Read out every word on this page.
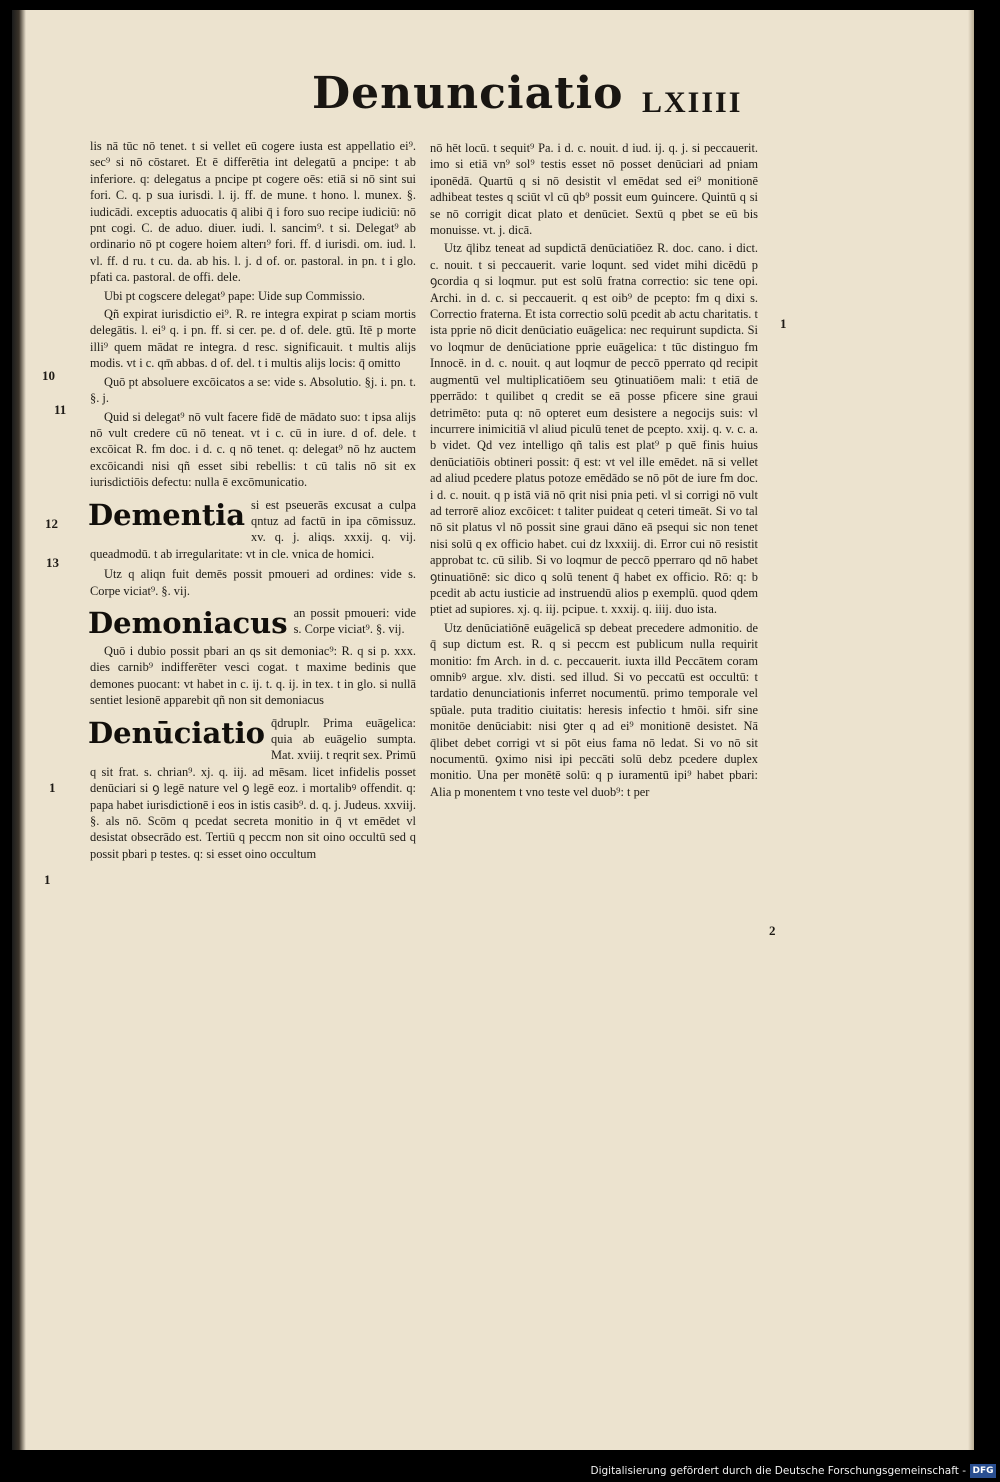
Denunciatio LXIIII

lis nā tūc nō tenet. t si vellet eū cogere iusta est appellatio ei⁹. sec⁹ si nō cōstaret. Et ē differētia int delegatū a pncipe: t ab inferiore. q: delegatus a pncipe pt cogere oēs: etiā si nō sint sui fori. C. q. p sua iurisdi. l. ij. ff. de mune. t hono. l. munex. §. iudicādi. exceptis aduocatis q̄ alibi q̄ i foro suo recipe iudiciū: nō pnt cogi. C. de aduo. diuer. iudi. l. sancim⁹. t si. Delegat⁹ ab ordinario nō pt cogere hoiem alterı⁹ fori. ff. d iurisdi. om. iud. l. vl. ff. d ru. t cu. da. ab his. l. j. d of. or. pastoral. in pn. t i glo. pfati ca. pastoral. de offi. dele.

Ubi pt cogscere delegat⁹ pape: Uide sup Commissio.

Qñ expirat iurisdictio ei⁹. R. re integra expirat p sciam mortis delegātis. l. ei⁹ q. i pn. ff. si cer. pe. d of. dele. gtū. Itē p morte illi⁹ quem mādat re integra. d resc. significauit. t multis alijs modis. vt i c. qm̄ abbas. d of. del. t i multis alijs locis: q̄ omitto

Quō pt absoluere excōicatos a se: vide s. Absolutio. §j. i. pn. t. §. j.

Quid si delegat⁹ nō vult facere fidē de mādato suo: t ipsa alijs nō vult credere cū nō teneat. vt i c. cū in iure. d of. dele. t excōicat R. fm doc. i d. c. q nō tenet. q: delegat⁹ nō hz auctem excōicandi nisi qñ esset sibi rebellis: t cū talis nō sit ex iurisdictiōis defectu: nulla ē excōmunicatio.

Dementia si est pseuerās excusat a culpa qntuz ad factū in ipa cōmissuz. xv. q. j. aliqs. xxxij. q. vij. queadmodū. t ab irregularitate: vt in cle. vnica de homici.

Utz q aliqn fuit demēs possit pmoueri ad ordines: vide s. Corpe viciat⁹. §. vij.

Demoniacus an possit pmoueri: vide s. Corpe viciat⁹. §. vij.

Quō i dubio possit pbari an qs sit demoniac⁹: R. q si p. xxx. dies carnib⁹ indifferēter vesci cogat. t maxime bedinis que demones puocant: vt habet in c. ij. t. q. ij. in tex. t in glo. si nullā sentiet lesionē apparebit qñ non sit demoniacus

Denūciatio q̄druplr. Prima euāgelica: quia ab euāgelio sumpta. Mat. xviij. t reqrit sex. Primū q sit frat. s. chrian⁹. xj. q. iij. ad mēsam. licet infidelis posset denūciari si ꝯ legē nature vel ꝯ legē eoz. i mortalibꝰ offendit. q: papa habet iurisdictionē i eos in istis casib⁹. d. q. j. Judeus. xxviij. §. als nō. Scōm q pcedat secreta monitio in q̄ vt emēdet vl desistat obsecrādo est. Tertiū q peccm non sit oino occultū sed q possit pbari p testes. q: si esset oino occultum

nō hēt locū. t sequit⁹ Pa. i d. c. nouit. d iud. ij. q. j. si peccauerit. imo si etiā vn⁹ sol⁹ testis esset nō posset denūciari ad pniam iponēdā. Quartū q si nō desistit vl emēdat sed ei⁹ monitionē adhibeat testes q sciūt vl cū qb⁹ possit eum ꝯuincere. Quintū q si se nō corrigit dicat plato et denūciet. Sextū q pbet se eū bis monuisse. vt. j. dicā.

Utz q̄libz teneat ad supdictā denūciatiōez R. doc. cano. i dict. c. nouit. t si peccauerit. varie loqunt. sed videt mihi dicēdū p ꝯcordia q si loqmur. put est solū fratna correctio: sic tene opi. Archi. in d. c. si peccauerit. q est oib⁹ de pcepto: fm q dixi s. Correctio fraterna. Et ista correctio solū pcedit ab actu charitatis. t ista pprie nō dicit denūciatio euāgelica: nec requirunt supdicta. Si vo loqmur de denūciatione pprie euāgelica: t tūc distinguo fm Innocē. in d. c. nouit. q aut loqmur de peccō pperrato qd recipit augmentū vel multiplicatiōem seu ꝯtinuatiōem mali: t etiā de pperrādo: t quilibet q credit se eā posse pficere sine graui detrimēto: puta q: nō opteret eum desistere a negocijs suis: vl incurrere inimicitiā vl aliud piculū tenet de pcepto. xxij. q. v. c. a. b videt. Qd vez intelligo qñ talis est plat⁹ p quē finis huius denūciatiōis obtineri possit: q̄ est: vt vel ille emēdet. nā si vellet ad aliud pcedere platus potoze emēdādo se nō pōt de iure fm doc. i d. c. nouit. q p istā viā nō qrit nisi pnia peti. vl si corrigi nō vult ad terrorē alioz excōicet: t taliter puideat q ceteri timeāt. Si vo tal nō sit platus vl nō possit sine graui dāno eā psequi sic non tenet nisi solū q ex officio habet. cui dz lxxxiij. di. Error cui nō resistit approbat tc. cū silib. Si vo loqmur de peccō pperraro qd nō habet ꝯtinuatiōnē: sic dico q solū tenent q̄ habet ex officio. Rō: q: b pcedit ab actu iusticie ad instruendū alios p exemplū. quod qdem ptiet ad supiores. xj. q. iij. pcipue. t. xxxij. q. iiij. duo ista.

Utz denūciatiōnē euāgelicā sp debeat precedere admonitio. de q̄ sup dictum est. R. q si peccm est publicum nulla requirit monitio: fm Arch. in d. c. peccauerit. iuxta illd Peccātem coram omnibꝰ argue. xlv. disti. sed illud. Si vo peccatū est occultū: t tardatio denunciationis inferret nocumentū. primo temporale vel spūale. puta traditio ciuitatis: heresis infectio t hmōi. sifr sine monitōe denūciabit: nisi ꝯter q ad ei⁹ monitionē desistet. Nā q̄libet debet corrigi vt si pōt eius fama nō ledat. Si vo nō sit nocumentū. ꝯximo nisi ipi peccāti solū debz pcedere duplex monitio. Una per monētē solū: q p iuramentū ipi⁹ habet pbari: Alia p monentem t vno teste vel duob⁹: t per

10
11
12
13
1
1
1
2
Digitalisierung gefördert durch die Deutsche Forschungsgemeinschaft - DFG
